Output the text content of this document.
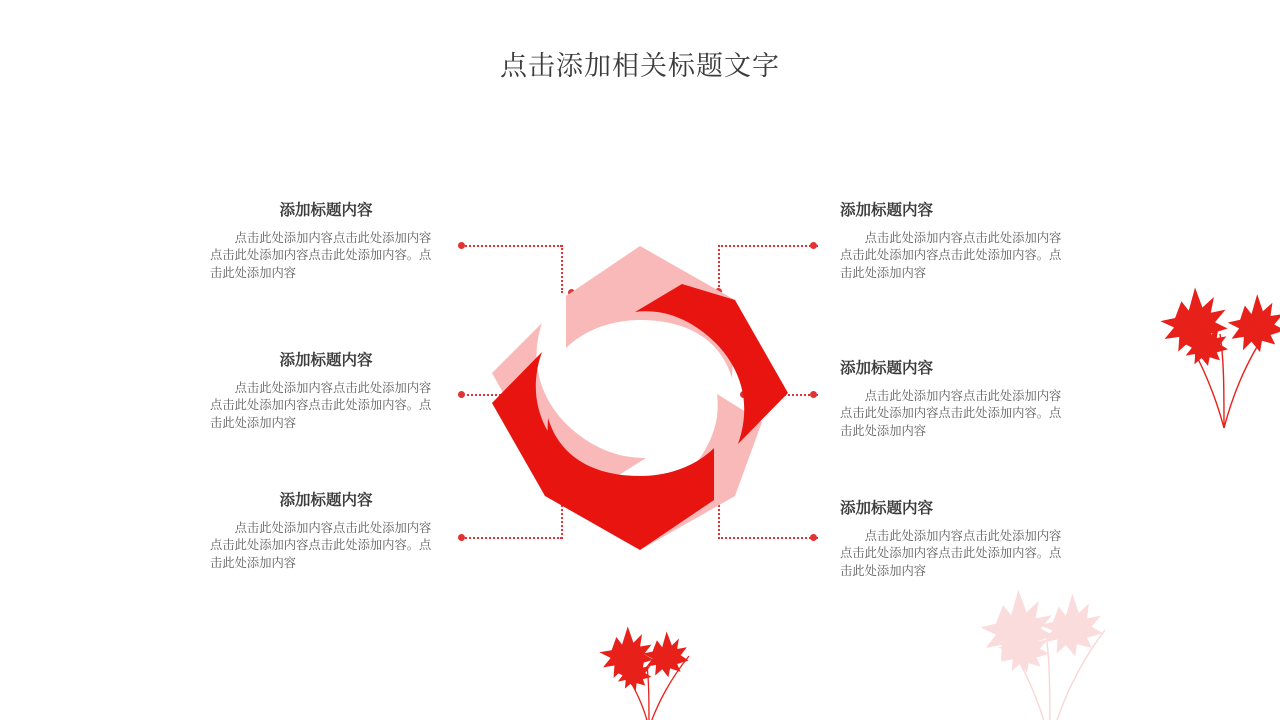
点击添加相关标题文字

添加标题内容

点击此处添加内容点击此处添加内容点击此处添加内容点击此处添加内容。点击此处添加内容

添加标题内容

点击此处添加内容点击此处添加内容点击此处添加内容点击此处添加内容。点击此处添加内容

添加标题内容

点击此处添加内容点击此处添加内容点击此处添加内容点击此处添加内容。点击此处添加内容

添加标题内容

点击此处添加内容点击此处添加内容点击此处添加内容点击此处添加内容。点击此处添加内容

添加标题内容

点击此处添加内容点击此处添加内容点击此处添加内容点击此处添加内容。点击此处添加内容

添加标题内容

点击此处添加内容点击此处添加内容点击此处添加内容点击此处添加内容。点击此处添加内容
